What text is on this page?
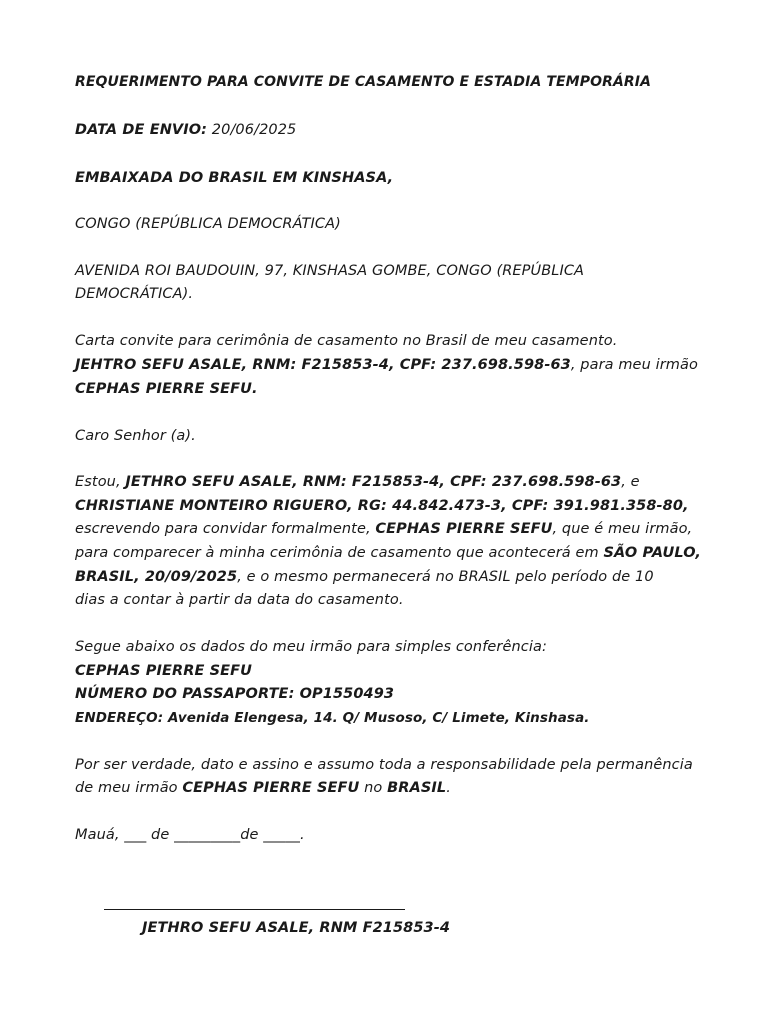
REQUERIMENTO PARA CONVITE DE CASAMENTO E ESTADIA TEMPORÁRIA
DATA DE ENVIO: 20/06/2025
EMBAIXADA DO BRASIL EM KINSHASA,
CONGO (REPÚBLICA DEMOCRÁTICA)
AVENIDA ROI BAUDOUIN, 97, KINSHASA GOMBE, CONGO (REPÚBLICA
DEMOCRÁTICA).
Carta convite para cerimônia de casamento no Brasil de meu casamento.
JEHTRO SEFU ASALE, RNM: F215853-4, CPF: 237.698.598-63, para meu irmão
CEPHAS PIERRE SEFU.
Caro Senhor (a).
Estou, JETHRO SEFU ASALE, RNM: F215853-4, CPF: 237.698.598-63, e
CHRISTIANE MONTEIRO RIGUERO, RG: 44.842.473-3, CPF: 391.981.358-80,
escrevendo para convidar formalmente, CEPHAS PIERRE SEFU, que é meu irmão,
para comparecer à minha cerimônia de casamento que acontecerá em SÃO PAULO,
BRASIL, 20/09/2025, e o mesmo permanecerá no BRASIL pelo período de 10
dias a contar à partir da data do casamento.
Segue abaixo os dados do meu irmão para simples conferência:
CEPHAS PIERRE SEFU
NÚMERO DO PASSAPORTE: OP1550493
ENDEREÇO: Avenida Elengesa, 14. Q/ Musoso, C/ Limete, Kinshasa.
Por ser verdade, dato e assino e assumo toda a responsabilidade pela permanência
de meu irmão CEPHAS PIERRE SEFU no BRASIL.
Mauá, ___ de _________de _____.
JETHRO SEFU ASALE, RNM F215853-4
